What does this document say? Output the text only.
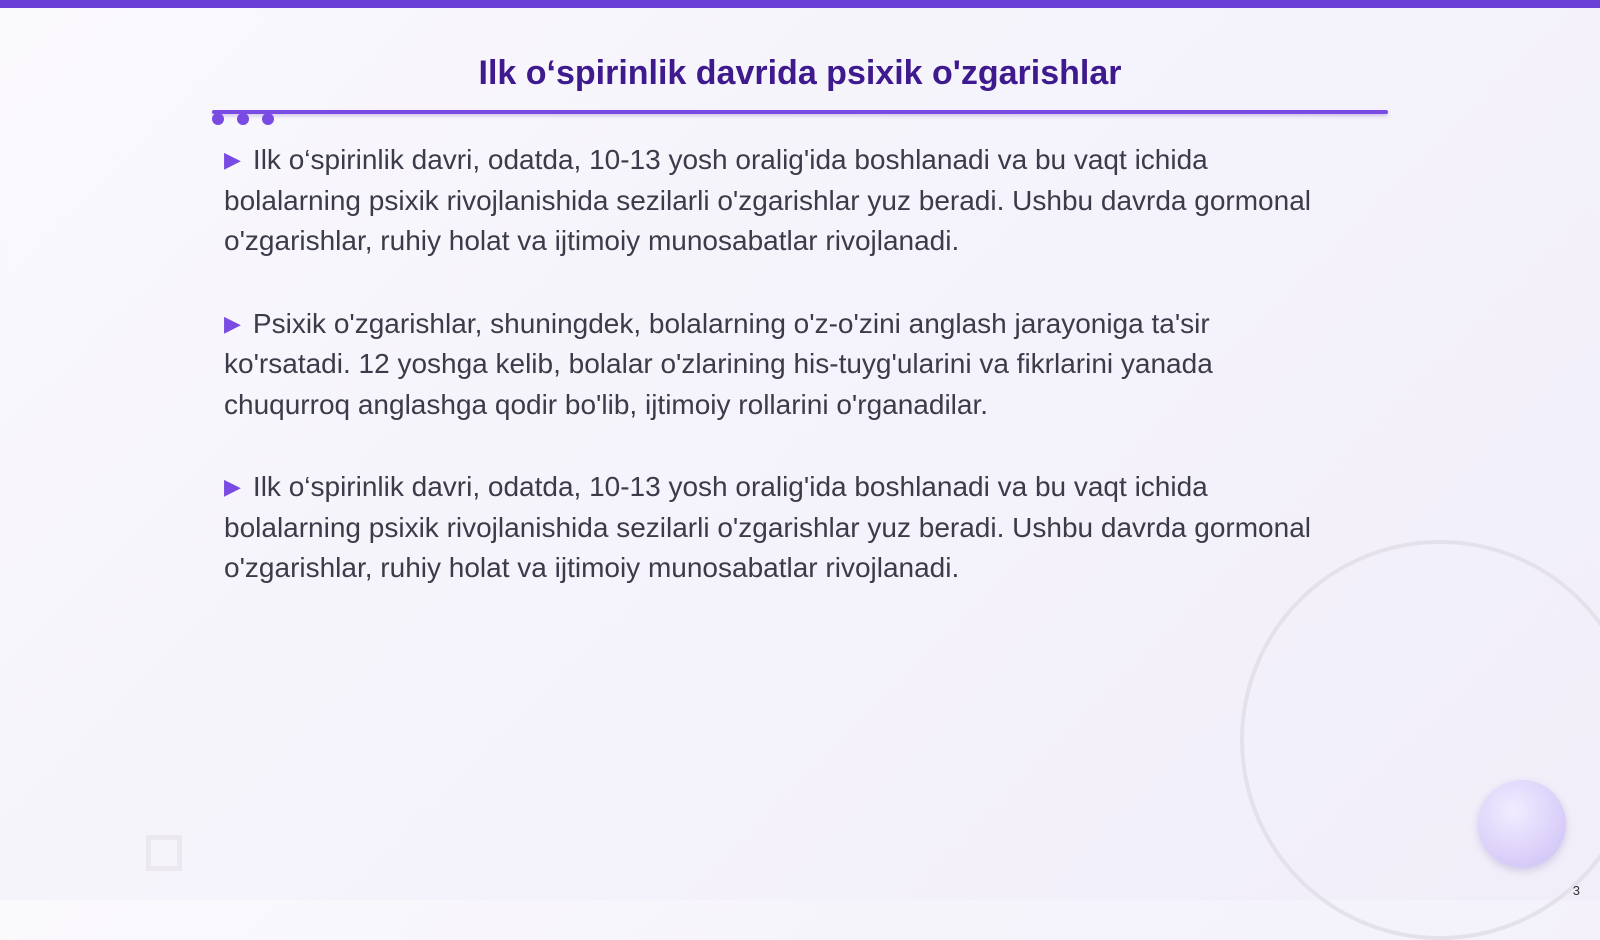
Ilk o‘spirinlik davrida psixik o'zgarishlar

▶ Ilk o‘spirinlik davri, odatda, 10-13 yosh oralig'ida boshlanadi va bu vaqt ichida bolalarning psixik rivojlanishida sezilarli o'zgarishlar yuz beradi. Ushbu davrda gormonal o'zgarishlar, ruhiy holat va ijtimoiy munosabatlar rivojlanadi.

▶ Psixik o'zgarishlar, shuningdek, bolalarning o'z-o'zini anglash jarayoniga ta'sir ko'rsatadi. 12 yoshga kelib, bolalar o'zlarining his-tuyg'ularini va fikrlarini yanada chuqurroq anglashga qodir bo'lib, ijtimoiy rollarini o'rganadilar.

▶ Ilk o‘spirinlik davri, odatda, 10-13 yosh oralig'ida boshlanadi va bu vaqt ichida bolalarning psixik rivojlanishida sezilarli o'zgarishlar yuz beradi. Ushbu davrda gormonal o'zgarishlar, ruhiy holat va ijtimoiy munosabatlar rivojlanadi.

3
